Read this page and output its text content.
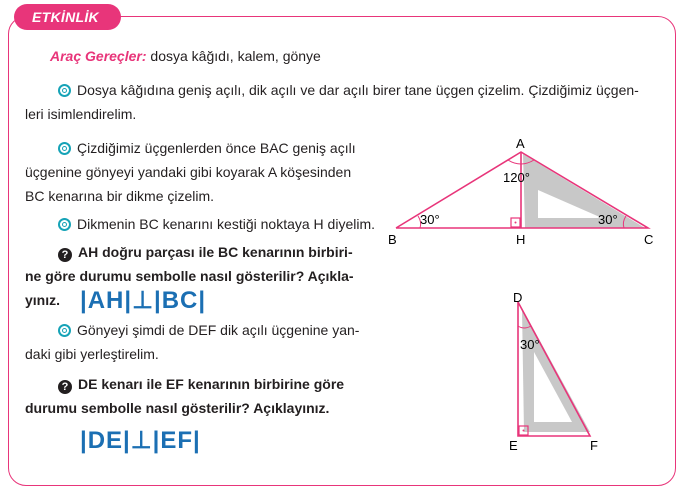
ETKİNLİK
Araç Gereçler: dosya kâğıdı, kalem, gönye
Dosya kâğıdına geniş açılı, dik açılı ve dar açılı birer tane üçgen çizelim. Çizdiğimiz üçgen-
leri isimlendirelim.
Çizdiğimiz üçgenlerden önce BAC geniş açılı
üçgenine gönyeyi yandaki gibi koyarak A köşesinden
BC kenarına bir dikme çizelim.
Dikmenin BC kenarını kestiği noktaya H diyelim.
? AH doğru parçası ile BC kenarının birbiri-
ne göre durumu sembolle nasıl gösterilir? Açıkla-
yınız. |AH|⊥|BC|
Gönyeyi şimdi de DEF dik açılı üçgenine yan-
daki gibi yerleştirelim.
? DE kenarı ile EF kenarının birbirine göre
durumu sembolle nasıl gösterilir? Açıklayınız.
|DE|⊥|EF|
A
B	C
H
120°
30°	30°
D
E	F
30°
